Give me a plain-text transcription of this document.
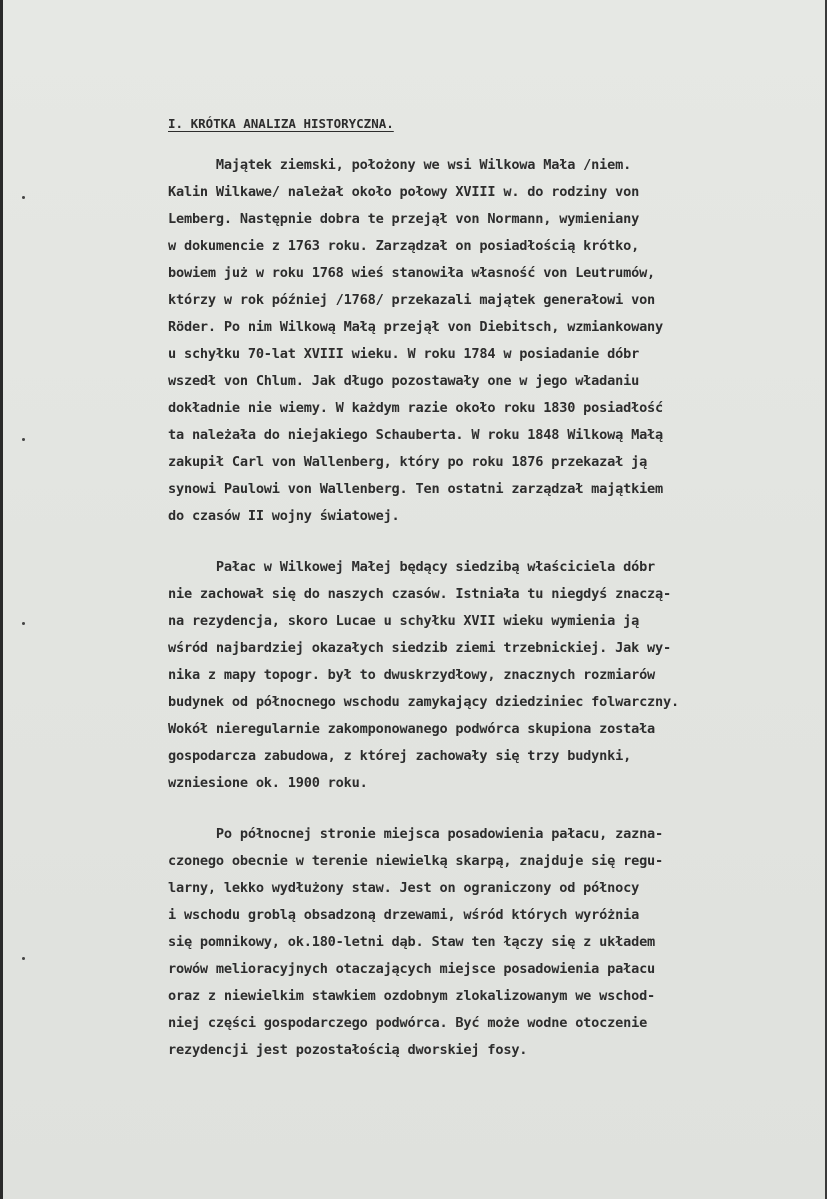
I. KRÓTKA ANALIZA HISTORYCZNA.
Majątek ziemski, położony we wsi Wilkowa Mała /niem.
Kalin Wilkawe/ należał około połowy XVIII w. do rodziny von
Lemberg. Następnie dobra te przejął von Normann, wymieniany
w dokumencie z 1763 roku. Zarządzał on posiadłością krótko,
bowiem już w roku 1768 wieś stanowiła własność von Leutrumów,
którzy w rok później /1768/ przekazali majątek generałowi von
Röder. Po nim Wilkową Małą przejął von Diebitsch, wzmiankowany
u schyłku 70-lat XVIII wieku. W roku 1784 w posiadanie dóbr
wszedł von Chlum. Jak długo pozostawały one w jego władaniu
dokładnie nie wiemy. W każdym razie około roku 1830 posiadłość
ta należała do niejakiego Schauberta. W roku 1848 Wilkową Małą
zakupił Carl von Wallenberg, który po roku 1876 przekazał ją
synowi Paulowi von Wallenberg. Ten ostatni zarządzał majątkiem
do czasów II wojny światowej.
Pałac w Wilkowej Małej będący siedzibą właściciela dóbr
nie zachował się do naszych czasów. Istniała tu niegdyś znaczą-
na rezydencja, skoro Lucae u schyłku XVII wieku wymienia ją
wśród najbardziej okazałych siedzib ziemi trzebnickiej. Jak wy-
nika z mapy topogr. był to dwuskrzydłowy, znacznych rozmiarów
budynek od północnego wschodu zamykający dziedziniec folwarczny.
Wokół nieregularnie zakomponowanego podwórca skupiona została
gospodarcza zabudowa, z której zachowały się trzy budynki,
wzniesione ok. 1900 roku.
Po północnej stronie miejsca posadowienia pałacu, zazna-
czonego obecnie w terenie niewielką skarpą, znajduje się regu-
larny, lekko wydłużony staw. Jest on ograniczony od północy
i wschodu groblą obsadzoną drzewami, wśród których wyróżnia
się pomnikowy, ok.180-letni dąb. Staw ten łączy się z układem
rowów melioracyjnych otaczających miejsce posadowienia pałacu
oraz z niewielkim stawkiem ozdobnym zlokalizowanym we wschod-
niej części gospodarczego podwórca. Być może wodne otoczenie
rezydencji jest pozostałością dworskiej fosy.
